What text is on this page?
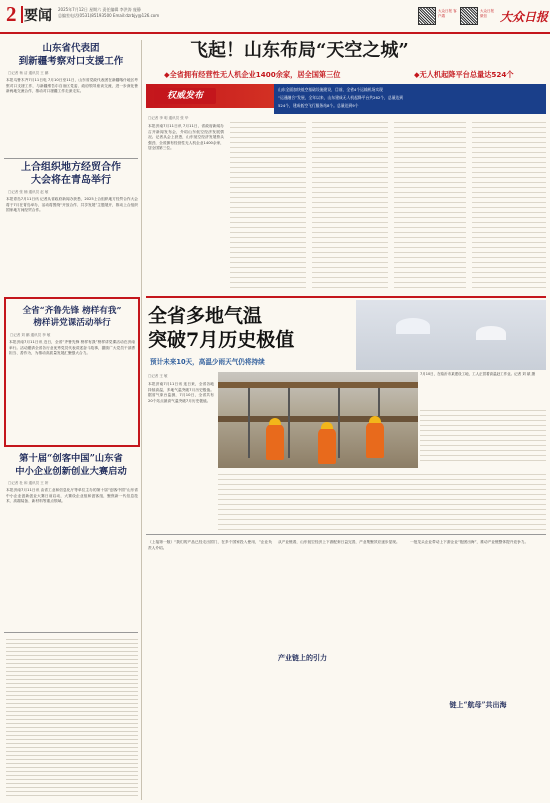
2 要闻 2025年7月12日 星期六 责任编辑 李洪涛 庞静
总编室电话(0531)85193500 Email:dzrbjy@126.com
大众日报 客户端
大众日报 微信	大众日报
山东省代表团
到新疆考察对口支援工作
□记者 杨 洁 通讯员 王 鹏
本报乌鲁木齐7月11日电 7月10日至11日，山东省党政代表团在新疆喀什地区考察对口支援工作，与新疆维吾尔自治区党委、政府领导座谈交流，进一步深化鲁新两地交流合作，推动对口援疆工作走深走实。
上合组织地方经贸合作
大会将在青岛举行
□记者 张 楠 通讯员 赵 敏
本报青岛7月11日讯 记者从省政府新闻办获悉，2025上合组织地方经贸合作大会将于7月在青岛举办，活动将围绕“开放合作、共享发展”主题展开，推动上合组织国家地方间经贸合作。
全省“齐鲁先锋 榜样有我”
榜样讲党课活动举行
□记者 刘 鹏 通讯员 李 敏
本报济南7月11日讯 近日，全省“齐鲁先锋 榜样有我”榜样讲党课活动在济南举行。活动邀请全省各行业优秀党员代表讲述奋斗故事，激励广大党员干部勇担当、善作为，为推动高质量发展汇聚强大合力。
第十届“创客中国”山东省
中小企业创新创业大赛启动
□记者 杜 和 通讯员 王 妍
本报济南7月11日讯 由省工业和信息化厅等单位主办的第十届“创客中国”山东省中小企业创新创业大赛日前启动，大赛设企业组和创客组，聚焦新一代信息技术、高端装备、新材料等重点领域。
飞起！山东布局“天空之城”
◆全省拥有经营性无人机企业1400余家，居全国第三位	◆无人机起降平台总量达524个
权威发布
山东全面加快低空基础设施建设，目前，全省4个运输机场实现
“运通融合”发展，全年以来，山东建成无人机起降平台共262个，总量达到
524个，建成低空飞行服务站8个。总量达到9个
□记者 李 明 通讯员 张 华
本报济南7月11日讯 7月11日，省政府新闻办召开新闻发布会，介绍山东低空经济发展情况。记者从会上获悉，山东低空经济发展势头强劲，全省拥有经营性无人机企业1400余家，居全国第三位。
全省多地气温
突破7月历史极值
预计未来10天，高温少雨天气仍将持续
□记者 王 敏
本报济南7月11日讯 连日来，全省各地持续高温，多地气温突破7月历史极值。据省气象台监测，7月10日，全省共有20个站点最高气温突破7月历史极值。
7月10日，在临沂市某建设工地，工人正冒着高温赶工作业。记者 刘 斌 摄
（上接第一版）“我们的产品已经走出国门，在多个国家投入使用，”企业负责人介绍。
从产业链看，山东低空经济上下游配套日益完善，产业集聚效应逐步显现。
产业链上的引力
一批龙头企业带动上下游企业“抱团出海”，推动产业链整体提升竞争力。
链上“航母”共出海
